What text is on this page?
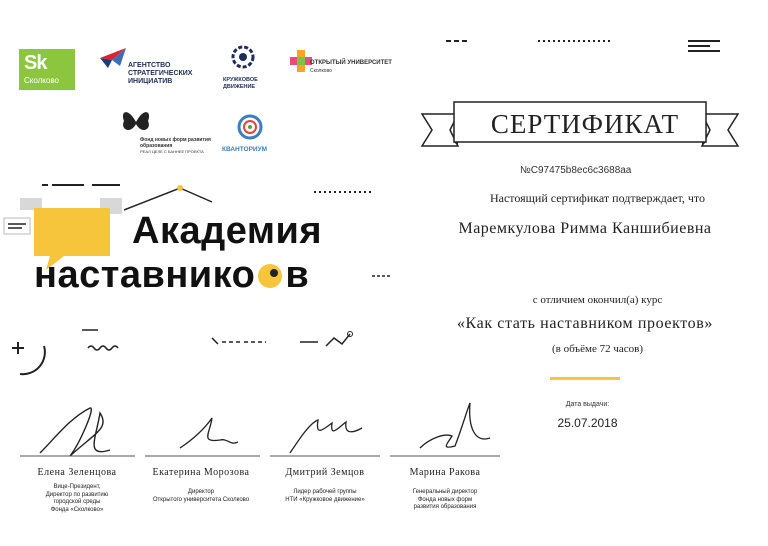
Sk
Сколково
АГЕНТСТВО СТРАТЕГИЧЕСКИХ ИНИЦИАТИВ	КРУЖКОВОЕ ДВИЖЕНИЕ
ОТКРЫТЫЙ УНИВЕРСИТЕТ
Сколково
Фонд новых форм развития образования
РЕАЛ ЦЕЛЕ С БАННЕЕ ПРОЕКТА	КВАНТОРИУМ
СЕРТИФИКАТ
№C97475b8ec6c3688aa
Настоящий сертификат подтверждает, что
Маремкулова Римма Каншибиевна
с отличием окончил(а) курс
«Как стать наставником проектов»
(в объёме 72 часов)
Дата выдачи:
25.07.2018
Академия
наставнико в
Елена Зеленцова
Вице-Президент,
Директор по развитию
городской среды
Фонда «Сколково»
Екатерина Морозова
Директор
Открытого университета Сколково
Дмитрий Земцов
Лидер рабочей группы
НТИ «Кружковое движение»
Марина Ракова
Генеральный директор
Фонда новых форм
развития образования
